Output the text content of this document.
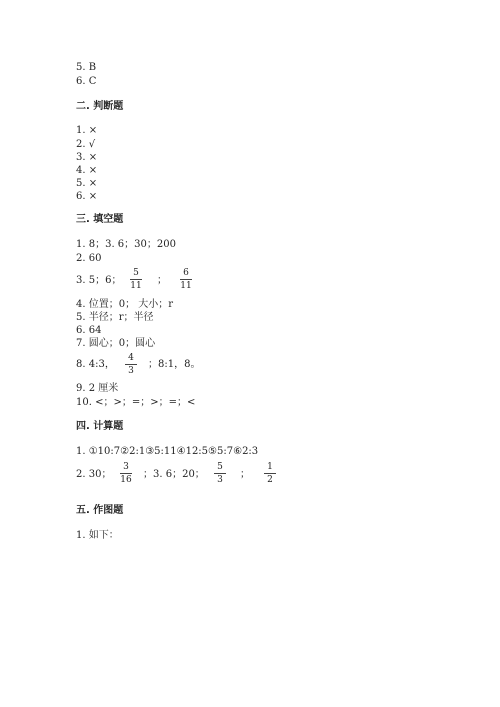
5. B
6. C
二. 判断题
1. ×
2. √
3. ×
4. ×
5. ×
6. ×
三. 填空题
1. 8；3. 6；30；200
2. 60
3. 5；6；
5
11 ；
6
11
4. 位置；0； 大小；r
5. 半径；r；半径
6. 64
7. 圆心；0；圆心
8. 4:3，
4
3
；8:1，8。
9. 2 厘米
10. <；>；=；>；=；<
四. 计算题
1. ①10:7②2:1③5:11④12:5⑤5:7⑥2:3
2. 30；
3
16 ；3. 6；20；
5
3	；
1
2
五. 作图题
1. 如下：
